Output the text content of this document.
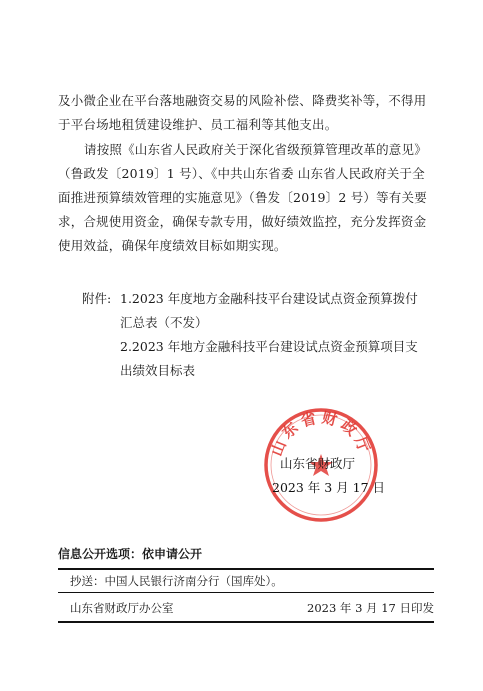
及小微企业在平台落地融资交易的风险补偿、降费奖补等，不得用于平台场地租赁建设维护、员工福利等其他支出。
请按照《山东省人民政府关于深化省级预算管理改革的意见》（鲁政发〔2019〕1 号）、《中共山东省委 山东省人民政府关于全面推进预算绩效管理的实施意见》（鲁发〔2019〕2 号）等有关要求，合规使用资金，确保专款专用，做好绩效监控，充分发挥资金使用效益，确保年度绩效目标如期实现。
附件: 1.2023 年度地方金融科技平台建设试点资金预算拨付汇总表（不发）
2.2023 年地方金融科技平台建设试点资金预算项目支出绩效目标表
山东省财政厅
山东省财政厅
2023 年 3 月 17 日
信息公开选项：依申请公开
抄送：中国人民银行济南分行（国库处）。
山东省财政厅办公室	2023 年 3 月 17 日印发
